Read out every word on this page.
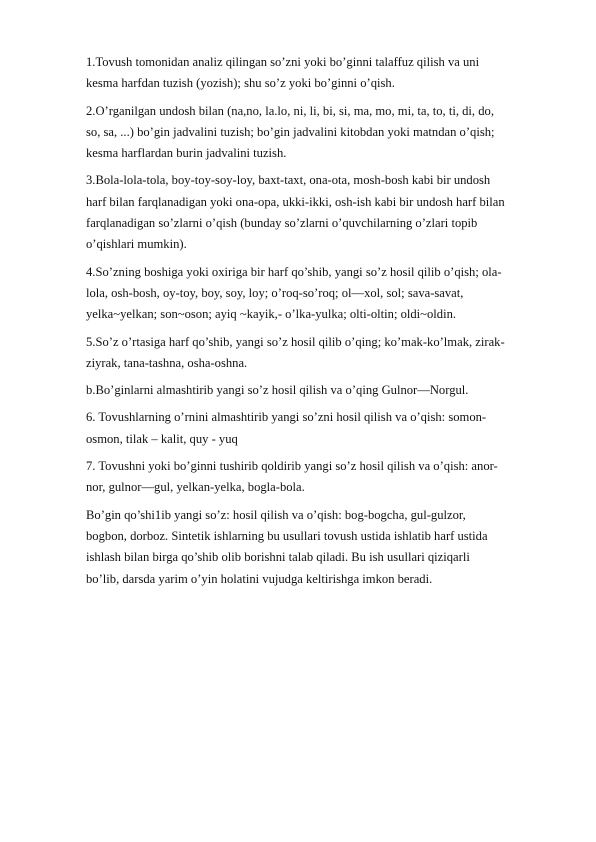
1.Tovush tomonidan analiz qilingan so’zni yoki bo’ginni talaffuz qilish va uni
kesma harfdan tuzish (yozish); shu so’z yoki bo’ginni o’qish.

2.O’rganilgan undosh bilan (na,no, la.lo, ni, li, bi, si, ma, mo, mi, ta, to, ti, di, do,
so, sa, ...) bo’gin jadvalini tuzish; bo’gin jadvalini kitobdan yoki matndan o’qish;
kesma harflardan burin jadvalini tuzish.

3.Bola-lola-tola, boy-toy-soy-loy, baxt-taxt, ona-ota, mosh-bosh kabi bir undosh
harf bilan farqlanadigan yoki ona-opa, ukki-ikki, osh-ish kabi bir undosh harf bilan
farqlanadigan so’zlarni o’qish (bunday so’zlarni o’quvchilarning o’zlari topib
o’qishlari mumkin).

4.So’zning boshiga yoki oxiriga bir harf qo’shib, yangi so’z hosil qilib o’qish; ola-
lola, osh-bosh, oy-toy, boy, soy, loy; o’roq-so’roq; ol—xol, sol; sava-savat,
yelka~yelkan; son~oson; ayiq ~kayik,- o’lka-yulka; olti-oltin; oldi~oldin.

5.So’z o’rtasiga harf qo’shib, yangi so’z hosil qilib o’qing; ko’mak-ko’lmak, zirak-
ziyrak, tana-tashna, osha-oshna.

b.Bo’ginlarni almashtirib yangi so’z hosil qilish va o’qing Gulnor—Norgul.

6. Tovushlarning o’rnini almashtirib yangi so’zni hosil qilish va o’qish: somon-
osmon, tilak – kalit, quy - yuq

7. Tovushni yoki bo’ginni tushirib qoldirib yangi so’z hosil qilish va o’qish: anor-
nor, gulnor—gul, yelkan-yelka, bogla-bola.

Bo’gin qo’shi1ib yangi so’z: hosil qilish va o’qish: bog-bogcha, gul-gulzor,
bogbon, dorboz. Sintetik ishlarning bu usullari tovush ustida ishlatib harf ustida
ishlash bilan birga qo’shib olib borishni talab qiladi. Bu ish usullari qiziqarli
bo’lib, darsda yarim o’yin holatini vujudga keltirishga imkon beradi.
